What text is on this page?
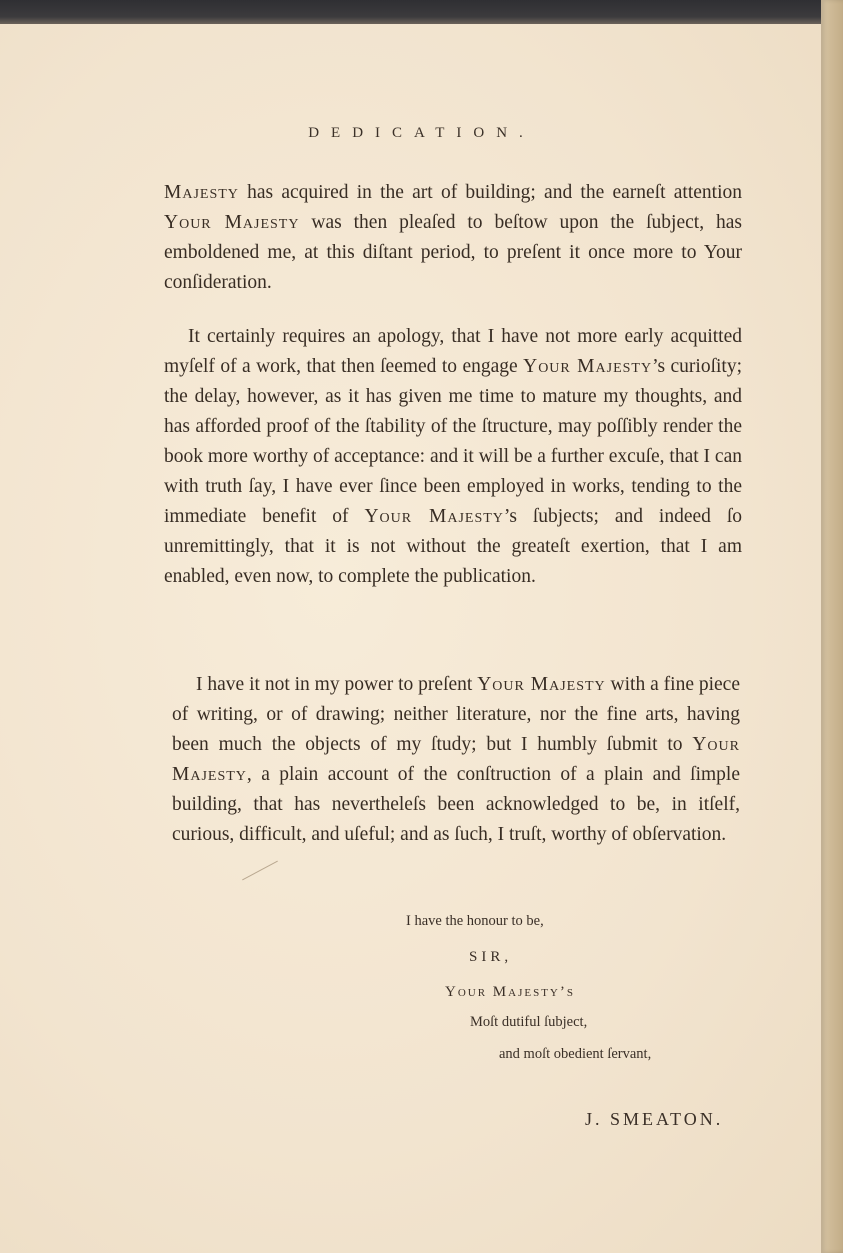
DEDICATION.

Majesty has acquired in the art of building; and the earneſt attention Your Majesty was then pleaſed to beſtow upon the ſubject, has emboldened me, at this diſtant period, to preſent it once more to Your conſideration.

It certainly requires an apology, that I have not more early acquitted myſelf of a work, that then ſeemed to engage Your Majesty’s curioſity; the delay, however, as it has given me time to mature my thoughts, and has afforded proof of the ſtability of the ſtructure, may poſſibly render the book more worthy of acceptance: and it will be a further excuſe, that I can with truth ſay, I have ever ſince been employed in works, tending to the immediate benefit of Your Majesty’s ſubjects; and indeed ſo unremittingly, that it is not without the greateſt exertion, that I am enabled, even now, to complete the publication.

I have it not in my power to preſent Your Majesty with a fine piece of writing, or of drawing; neither literature, nor the fine arts, having been much the objects of my ſtudy; but I humbly ſubmit to Your Majesty, a plain account of the conſtruction of a plain and ſimple building, that has nevertheleſs been acknowledged to be, in itſelf, curious, difficult, and uſeful; and as ſuch, I truſt, worthy of obſervation.

I have the honour to be,
SIR,
Your Majesty’s
Moſt dutiful ſubject,
and moſt obedient ſervant,
J. SMEATON.
